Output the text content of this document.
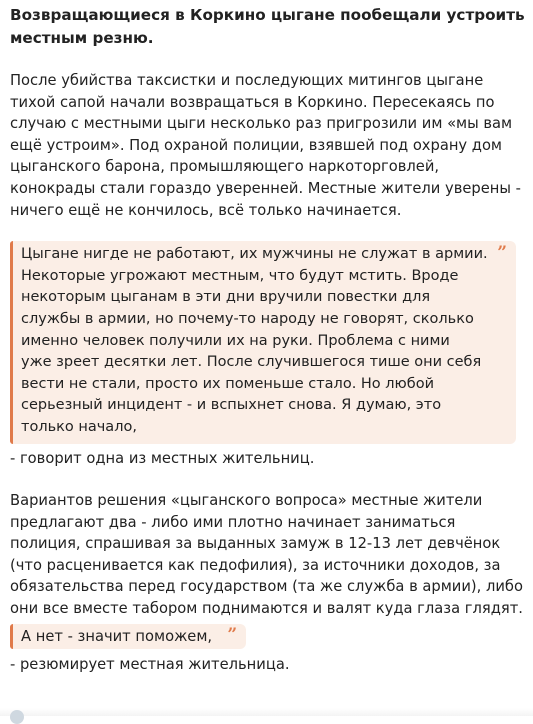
Возвращающиеся в Коркино цыгане пообещали устроить
местным резню.
После убийства таксистки и последующих митингов цыгане
тихой сапой начали возвращаться в Коркино. Пересекаясь по
случаю с местными цыги несколько раз пригрозили им «мы вам
ещё устроим». Под охраной полиции, взявшей под охрану дом
цыганского барона, промышляющего наркоторговлей,
конокрады стали гораздо уверенней. Местные жители уверены -
ничего ещё не кончилось, всё только начинается.
”
Цыгане нигде не работают, их мужчины не служат в армии.
Некоторые угрожают местным, что будут мстить. Вроде
некоторым цыганам в эти дни вручили повестки для
службы в армии, но почему-то народу не говорят, сколько
именно человек получили их на руки. Проблема с ними
уже зреет десятки лет. После случившегося тише они себя
вести не стали, просто их поменьше стало. Но любой
серьезный инцидент - и вспыхнет снова. Я думаю, это
только начало,
- говорит одна из местных жительниц.
Вариантов решения «цыганского вопроса» местные жители
предлагают два - либо ими плотно начинает заниматься
полиция, спрашивая за выданных замуж в 12-13 лет девчёнок
(что расценивается как педофилия), за источники доходов, за
обязательства перед государством (та же служба в армии), либо
они все вместе табором поднимаются и валят куда глаза глядят.
”
А нет - значит поможем,
- резюмирует местная жительница.
